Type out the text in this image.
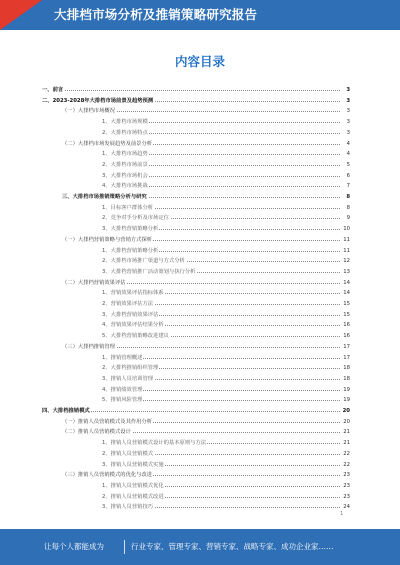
大排档市场分析及推销策略研究报告
内容目录
一、前言	3
二、2023-2028年大排档市场前景及趋势预测	3
（一）大排档市场概况	3
1、大排档市场规模	3
2、大排档市场特点	3
（二）大排档市场发展趋势及前景分析	4
1、大排档市场趋势	4
2、大排档市场前景	5
3、大排档市场机会	6
4、大排档市场挑战	7
三、大排档市场推销策略分析与研究	8
1、目标客户群体分析	8
2、竞争对手分析及市场定位	9
3、大排档营销策略分析	10
（一）大排档营销策略与营销方式探析	11
1、大排档营销策略分析	11
2、大排档市场推广渠道与方式分析	12
3、大排档营销推广活动策划与执行分析	13
（二）大排档营销效果评估	14
1、营销效果评估指标体系	14
2、营销效果评估方法	15
3、大排档营销效果评估	15
4、营销效果评估结果分析	16
5、大排档营销策略改进建议	16
（三）大排档推销管理	17
1、推销管理概述	17
2、大排档推销组织管理	18
3、推销人员培训管理	18
4、推销绩效管理	19
5、推销风险管理	19
四、大排档推销模式	20
（一）推销人员营销模式及其作用分析	20
（二）推销人员营销模式设计	21
1、推销人员营销模式设计的基本原则与方法	21
2、推销人员营销模式	22
3、推销人员营销模式实施	22
（三）推销人员营销模式的优化与改进	23
1、推销人员营销模式优化	23
2、推销人员营销模式改进	23
3、推销人员营销技巧	24
1
让每个人都能成为	行业专家、管理专家、营销专家、战略专家、成功企业家……
